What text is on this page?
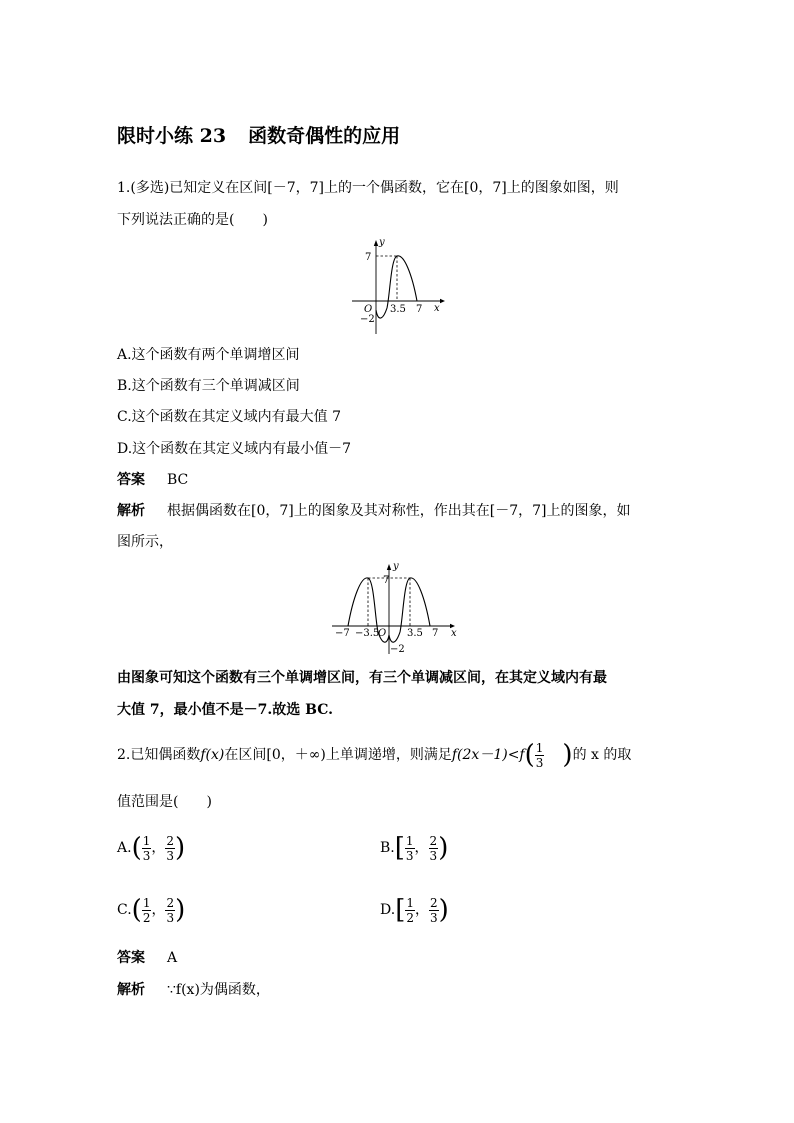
限时小练 23 函数奇偶性的应用
1.(多选)已知定义在区间[－7，7]上的一个偶函数，它在[0，7]上的图象如图，则
下列说法正确的是(　　)
y
x
O
7
−2
3.5 7
A.这个函数有两个单调增区间
B.这个函数有三个单调减区间
C.这个函数在其定义域内有最大值 7
D.这个函数在其定义域内有最小值－7
答案 BC
解析 根据偶函数在[0，7]上的图象及其对称性，作出其在[－7，7]上的图象，如
图所示，
y
x
O
7
−2
−7 −3.5	3.5 7
由图象可知这个函数有三个单调增区间，有三个单调减区间，在其定义域内有最
大值 7，最小值不是－7.故选 BC.
2.已知偶函数f(x)在区间[0，＋∞)上单调递增，则满足$f(2x-1)<f( \frac{1}{3}$ )的 x 的取
值范围是(　　)
$A.( \frac{1}{3}$ ， $\frac{2}{3}$ )	$B.[ \frac{1}{3}$ ， $\frac{2}{3}$ )
$C.( \frac{1}{2}$ ， $\frac{2}{3}$ )	$D.[ \frac{1}{2}$ ， $\frac{2}{3}$ )
答案 A
解析 ∵f(x)为偶函数，
